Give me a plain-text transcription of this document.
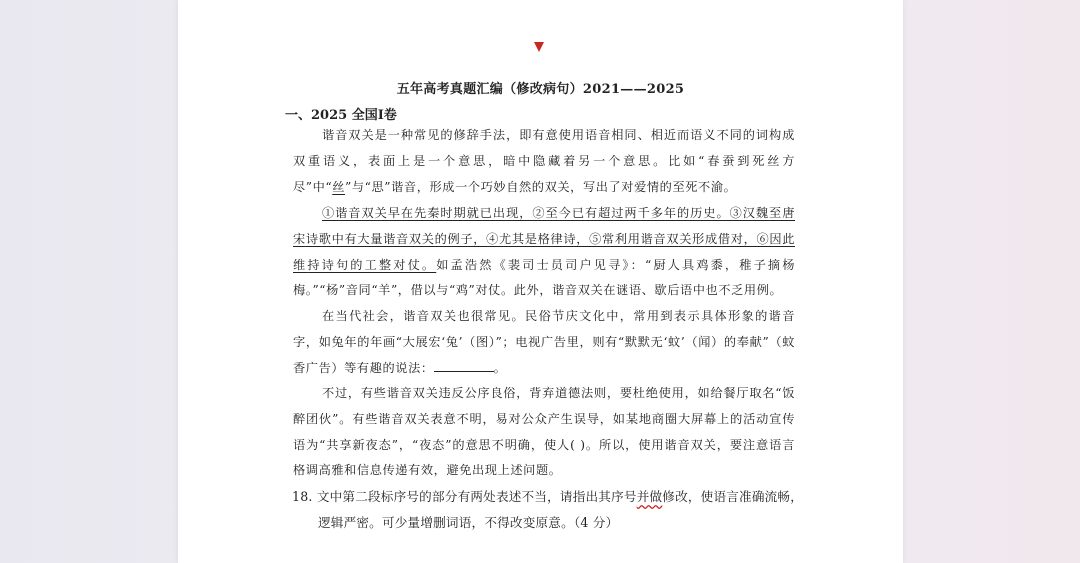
五年高考真题汇编（修改病句）2021——2025
一、2025 全国Ⅰ卷
谐音双关是一种常见的修辞手法，即有意使用语音相同、相近而语义不同的词构成双重语义，表面上是一个意思，暗中隐藏着另一个意思。比如“春蚕到死丝方尽”中“丝”与“思”谐音，形成一个巧妙自然的双关，写出了对爱情的至死不渝。
①谐音双关早在先秦时期就已出现，②至今已有超过两千多年的历史。③汉魏至唐宋诗歌中有大量谐音双关的例子，④尤其是格律诗，⑤常利用谐音双关形成借对，⑥因此维持诗句的工整对仗。如孟浩然《裴司士员司户见寻》：“厨人具鸡黍，稚子摘杨梅。”“杨”音同“羊”，借以与“鸡”对仗。此外，谐音双关在谜语、歇后语中也不乏用例。
在当代社会，谐音双关也很常见。民俗节庆文化中，常用到表示具体形象的谐音字，如兔年的年画“大展宏‘兔’（图）”；电视广告里，则有“默默无‘蚊’（闻）的奉献”（蚊香广告）等有趣的说法：	。
不过，有些谐音双关违反公序良俗，背弃道德法则，要杜绝使用，如给餐厅取名“饭醉团伙”。有些谐音双关表意不明，易对公众产生误导，如某地商圈大屏幕上的活动宣传语为“共享新夜态”，“夜态”的意思不明确，使人( )。所以，使用谐音双关，要注意语言格调高雅和信息传递有效，避免出现上述问题。
18. 文中第二段标序号的部分有两处表述不当，请指出其序号并做修改，使语言准确流畅，
逻辑严密。可少量增删词语，不得改变原意。（4 分）
